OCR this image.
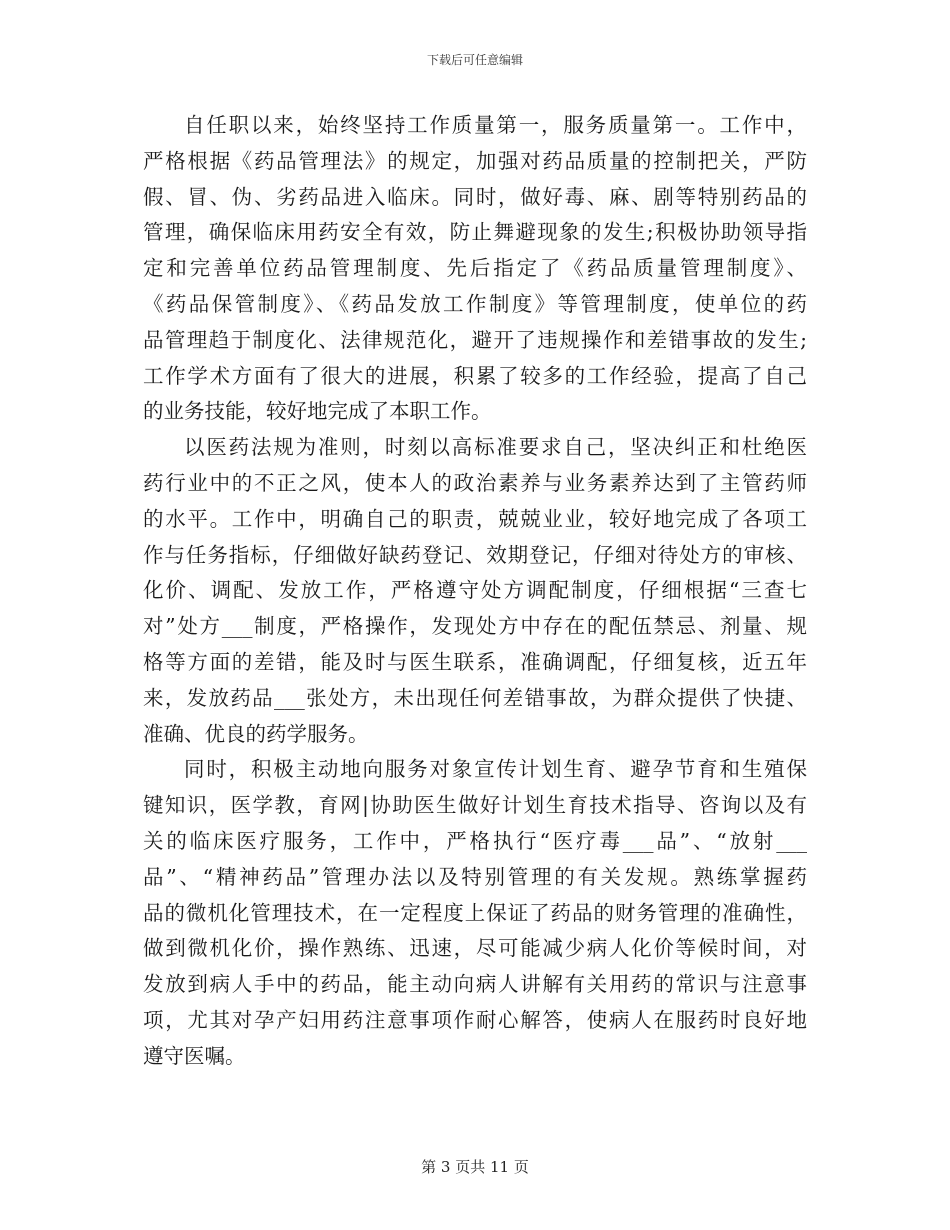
下载后可任意编辑
自任职以来，始终坚持工作质量第一，服务质量第一。工作中，
严格根据《药品管理法》的规定，加强对药品质量的控制把关，严防
假、冒、伪、劣药品进入临床。同时，做好毒、麻、剧等特别药品的
管理，确保临床用药安全有效，防止舞避现象的发生;积极协助领导指
定和完善单位药品管理制度、先后指定了《药品质量管理制度》、
《药品保管制度》、《药品发放工作制度》等管理制度，使单位的药
品管理趋于制度化、法律规范化，避开了违规操作和差错事故的发生;
工作学术方面有了很大的进展，积累了较多的工作经验，提高了自己
的业务技能，较好地完成了本职工作。
以医药法规为准则，时刻以高标准要求自己，坚决纠正和杜绝医
药行业中的不正之风，使本人的政治素养与业务素养达到了主管药师
的水平。工作中，明确自己的职责，兢兢业业，较好地完成了各项工
作与任务指标，仔细做好缺药登记、效期登记，仔细对待处方的审核、
化价、调配、发放工作，严格遵守处方调配制度，仔细根据“三查七
对”处方___制度，严格操作，发现处方中存在的配伍禁忌、剂量、规
格等方面的差错，能及时与医生联系，准确调配，仔细复核，近五年
来，发放药品___张处方，未出现任何差错事故，为群众提供了快捷、
准确、优良的药学服务。
同时，积极主动地向服务对象宣传计划生育、避孕节育和生殖保
键知识，医学教，育网|协助医生做好计划生育技术指导、咨询以及有
关的临床医疗服务，工作中，严格执行“医疗毒___品”、“放射___
品”、“精神药品”管理办法以及特别管理的有关发规。熟练掌握药
品的微机化管理技术，在一定程度上保证了药品的财务管理的准确性，
做到微机化价，操作熟练、迅速，尽可能减少病人化价等候时间，对
发放到病人手中的药品，能主动向病人讲解有关用药的常识与注意事
项，尤其对孕产妇用药注意事项作耐心解答，使病人在服药时良好地
遵守医嘱。
第 3 页共 11 页
